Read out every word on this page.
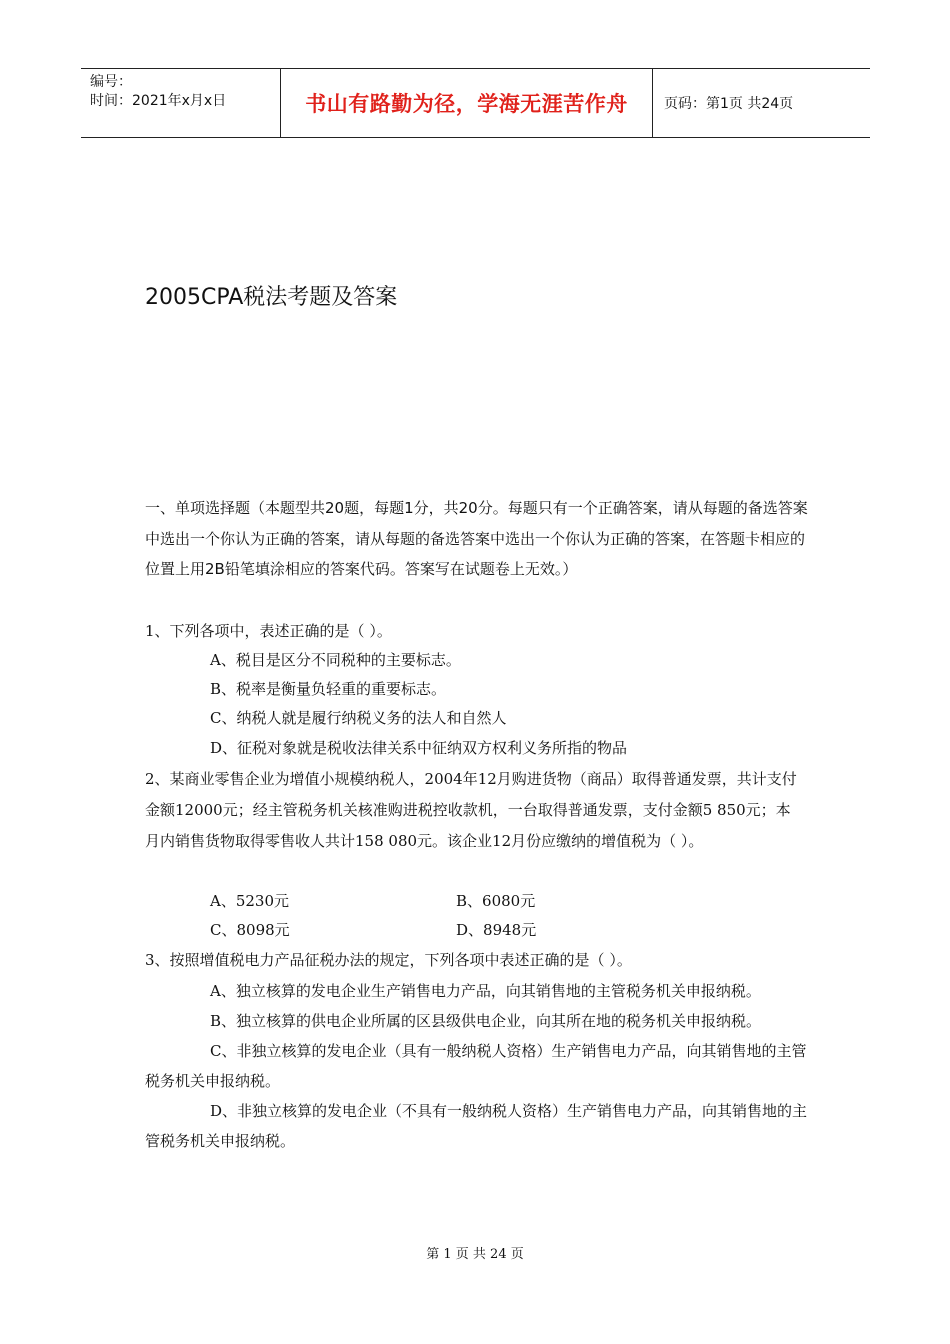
编号：
时间：2021年x月x日	书山有路勤为径，学海无涯苦作舟	页码：第1页 共24页
2005CPA税法考题及答案

一、单项选择题（本题型共20题，每题1分，共20分。每题只有一个正确答案，请从每题的备选答案中选出一个你认为正确的答案，请从每题的备选答案中选出一个你认为正确的答案，在答题卡相应的位置上用2B铅笔填涂相应的答案代码。答案写在试题卷上无效。）

1、下列各项中，表述正确的是（ ）。

A、税目是区分不同税种的主要标志。

B、税率是衡量负轻重的重要标志。

C、纳税人就是履行纳税义务的法人和自然人

D、征税对象就是税收法律关系中征纳双方权利义务所指的物品

2、某商业零售企业为增值小规模纳税人，2004年12月购进货物（商品）取得普通发票，共计支付金额12000元；经主管税务机关核准购进税控收款机，一台取得普通发票，支付金额5 850元；本月内销售货物取得零售收人共计158 080元。该企业12月份应缴纳的增值税为（ ）。

A、5230元	B、6080元

C、8098元	D、8948元

3、按照增值税电力产品征税办法的规定，下列各项中表述正确的是（ ）。

A、独立核算的发电企业生产销售电力产品，向其销售地的主管税务机关申报纳税。

B、独立核算的供电企业所属的区县级供电企业，向其所在地的税务机关申报纳税。

C、非独立核算的发电企业（具有一般纳税人资格）生产销售电力产品，向其销售地的主管税务机关申报纳税。

D、非独立核算的发电企业（不具有一般纳税人资格）生产销售电力产品，向其销售地的主管税务机关申报纳税。

第 1 页 共 24 页
